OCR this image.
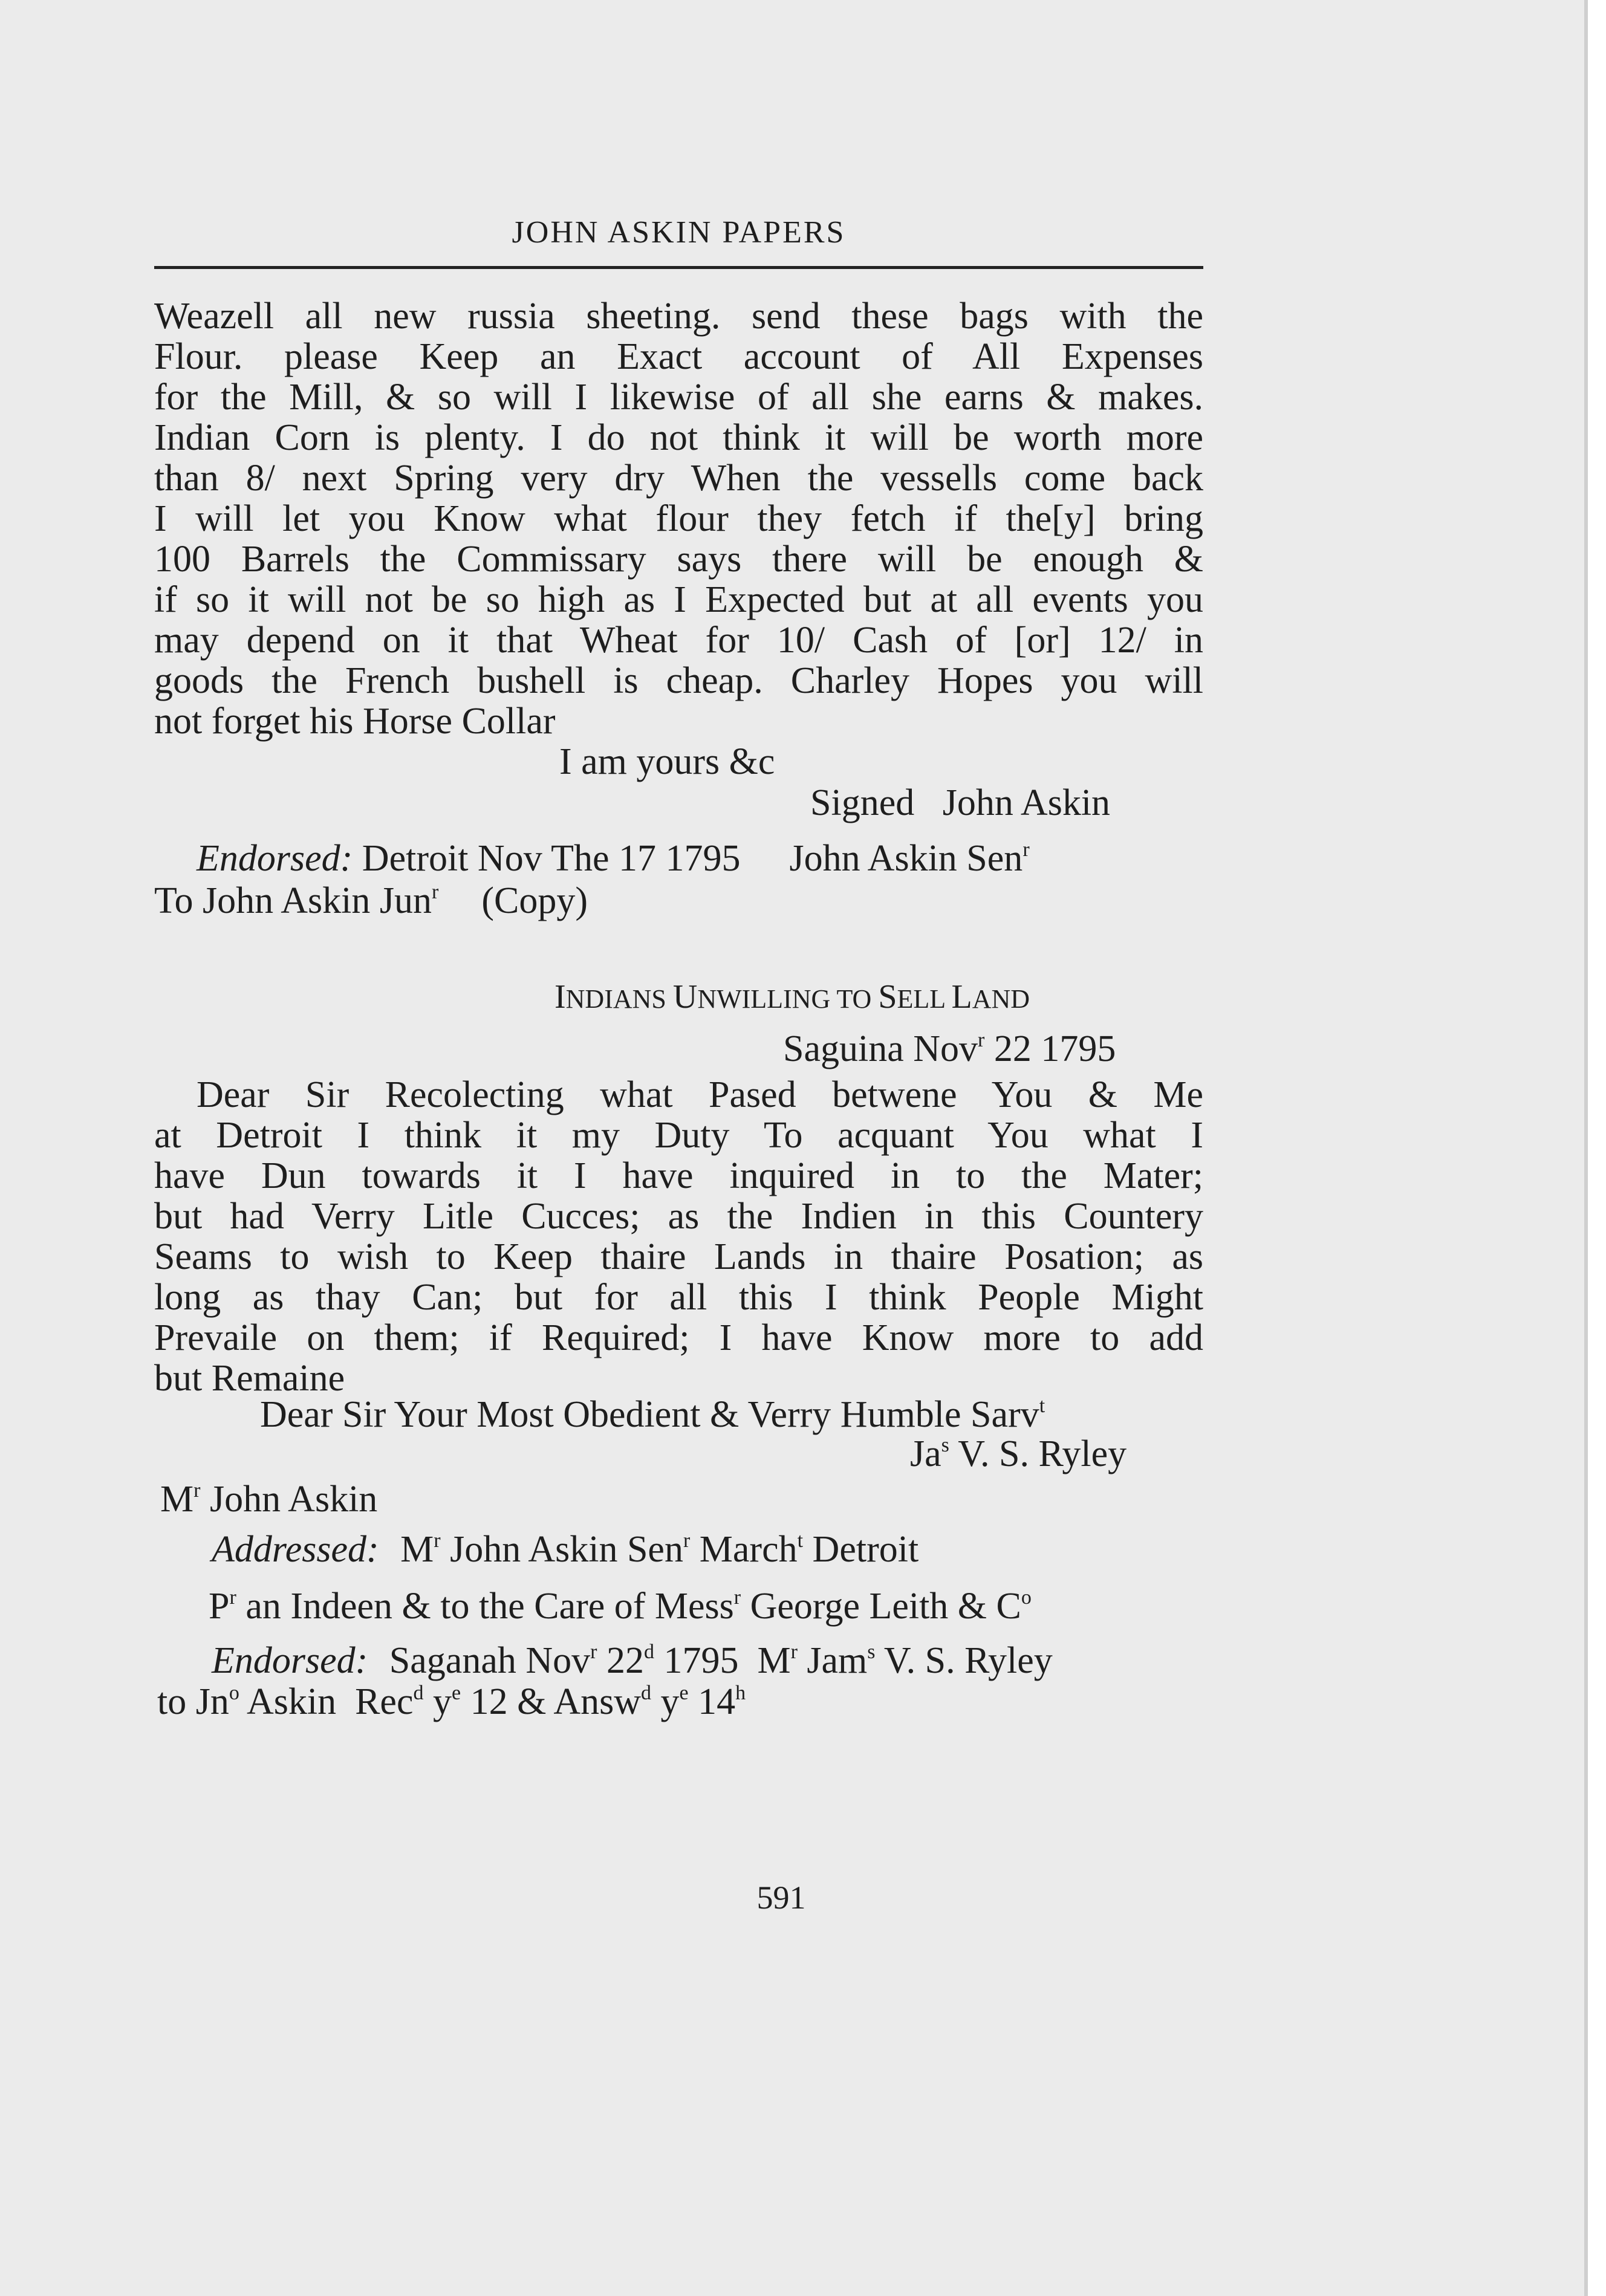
JOHN ASKIN PAPERS

Weazell all new russia sheeting. send these bags with the
Flour. please Keep an Exact account of All Expenses
for the Mill, & so will I likewise of all she earns & makes.
Indian Corn is plenty. I do not think it will be worth more
than 8/ next Spring very dry When the vessells come back
I will let you Know what flour they fetch if the[y] bring
100 Barrels the Commissary says there will be enough &
if so it will not be so high as I Expected but at all events you
may depend on it that Wheat for 10/ Cash of [or] 12/ in
goods the French bushell is cheap. Charley Hopes you will
not forget his Horse Collar

I am yours &c
Signed   John Askin
Endorsed: Detroit Nov The 17 1795 John Askin Sen$^r$
To John Askin Jun$^r$ (Copy)
INDIANS UNWILLING TO SELL LAND
Saguina Nov$^r$ 22 1795

Dear Sir Recolecting what Pased betwene You & Me
at Detroit I think it my Duty To acquant You what I
have Dun towards it I have inquired in to the Mater;
but had Verry Litle Cucces; as the Indien in this Countery
Seams to wish to Keep thaire Lands in thaire Posation; as
long as thay Can; but for all this I think People Might
Prevaile on them; if Required; I have Know more to add
but Remaine

Dear Sir Your Most Obedient & Verry Humble Sarv$^t$
Ja$^s$ V. S. Ryley
$M^r$ John Askin
Addressed: $M^r$ John Askin Sen$^r$ March$^t$ Detroit
$P^r$ an Indeen & to the Care of Mess$^r$ George Leith & $C^o$
Endorsed: Saganah Nov$^r$ 22$^d$ 1795  $M^r$ Jam$^s$ V. S. Ryley
to Jn$^o$ Askin  Rec$^d$ $y^e$ 12 & Answ$^d$ $y^e$ 14$^h$
591
